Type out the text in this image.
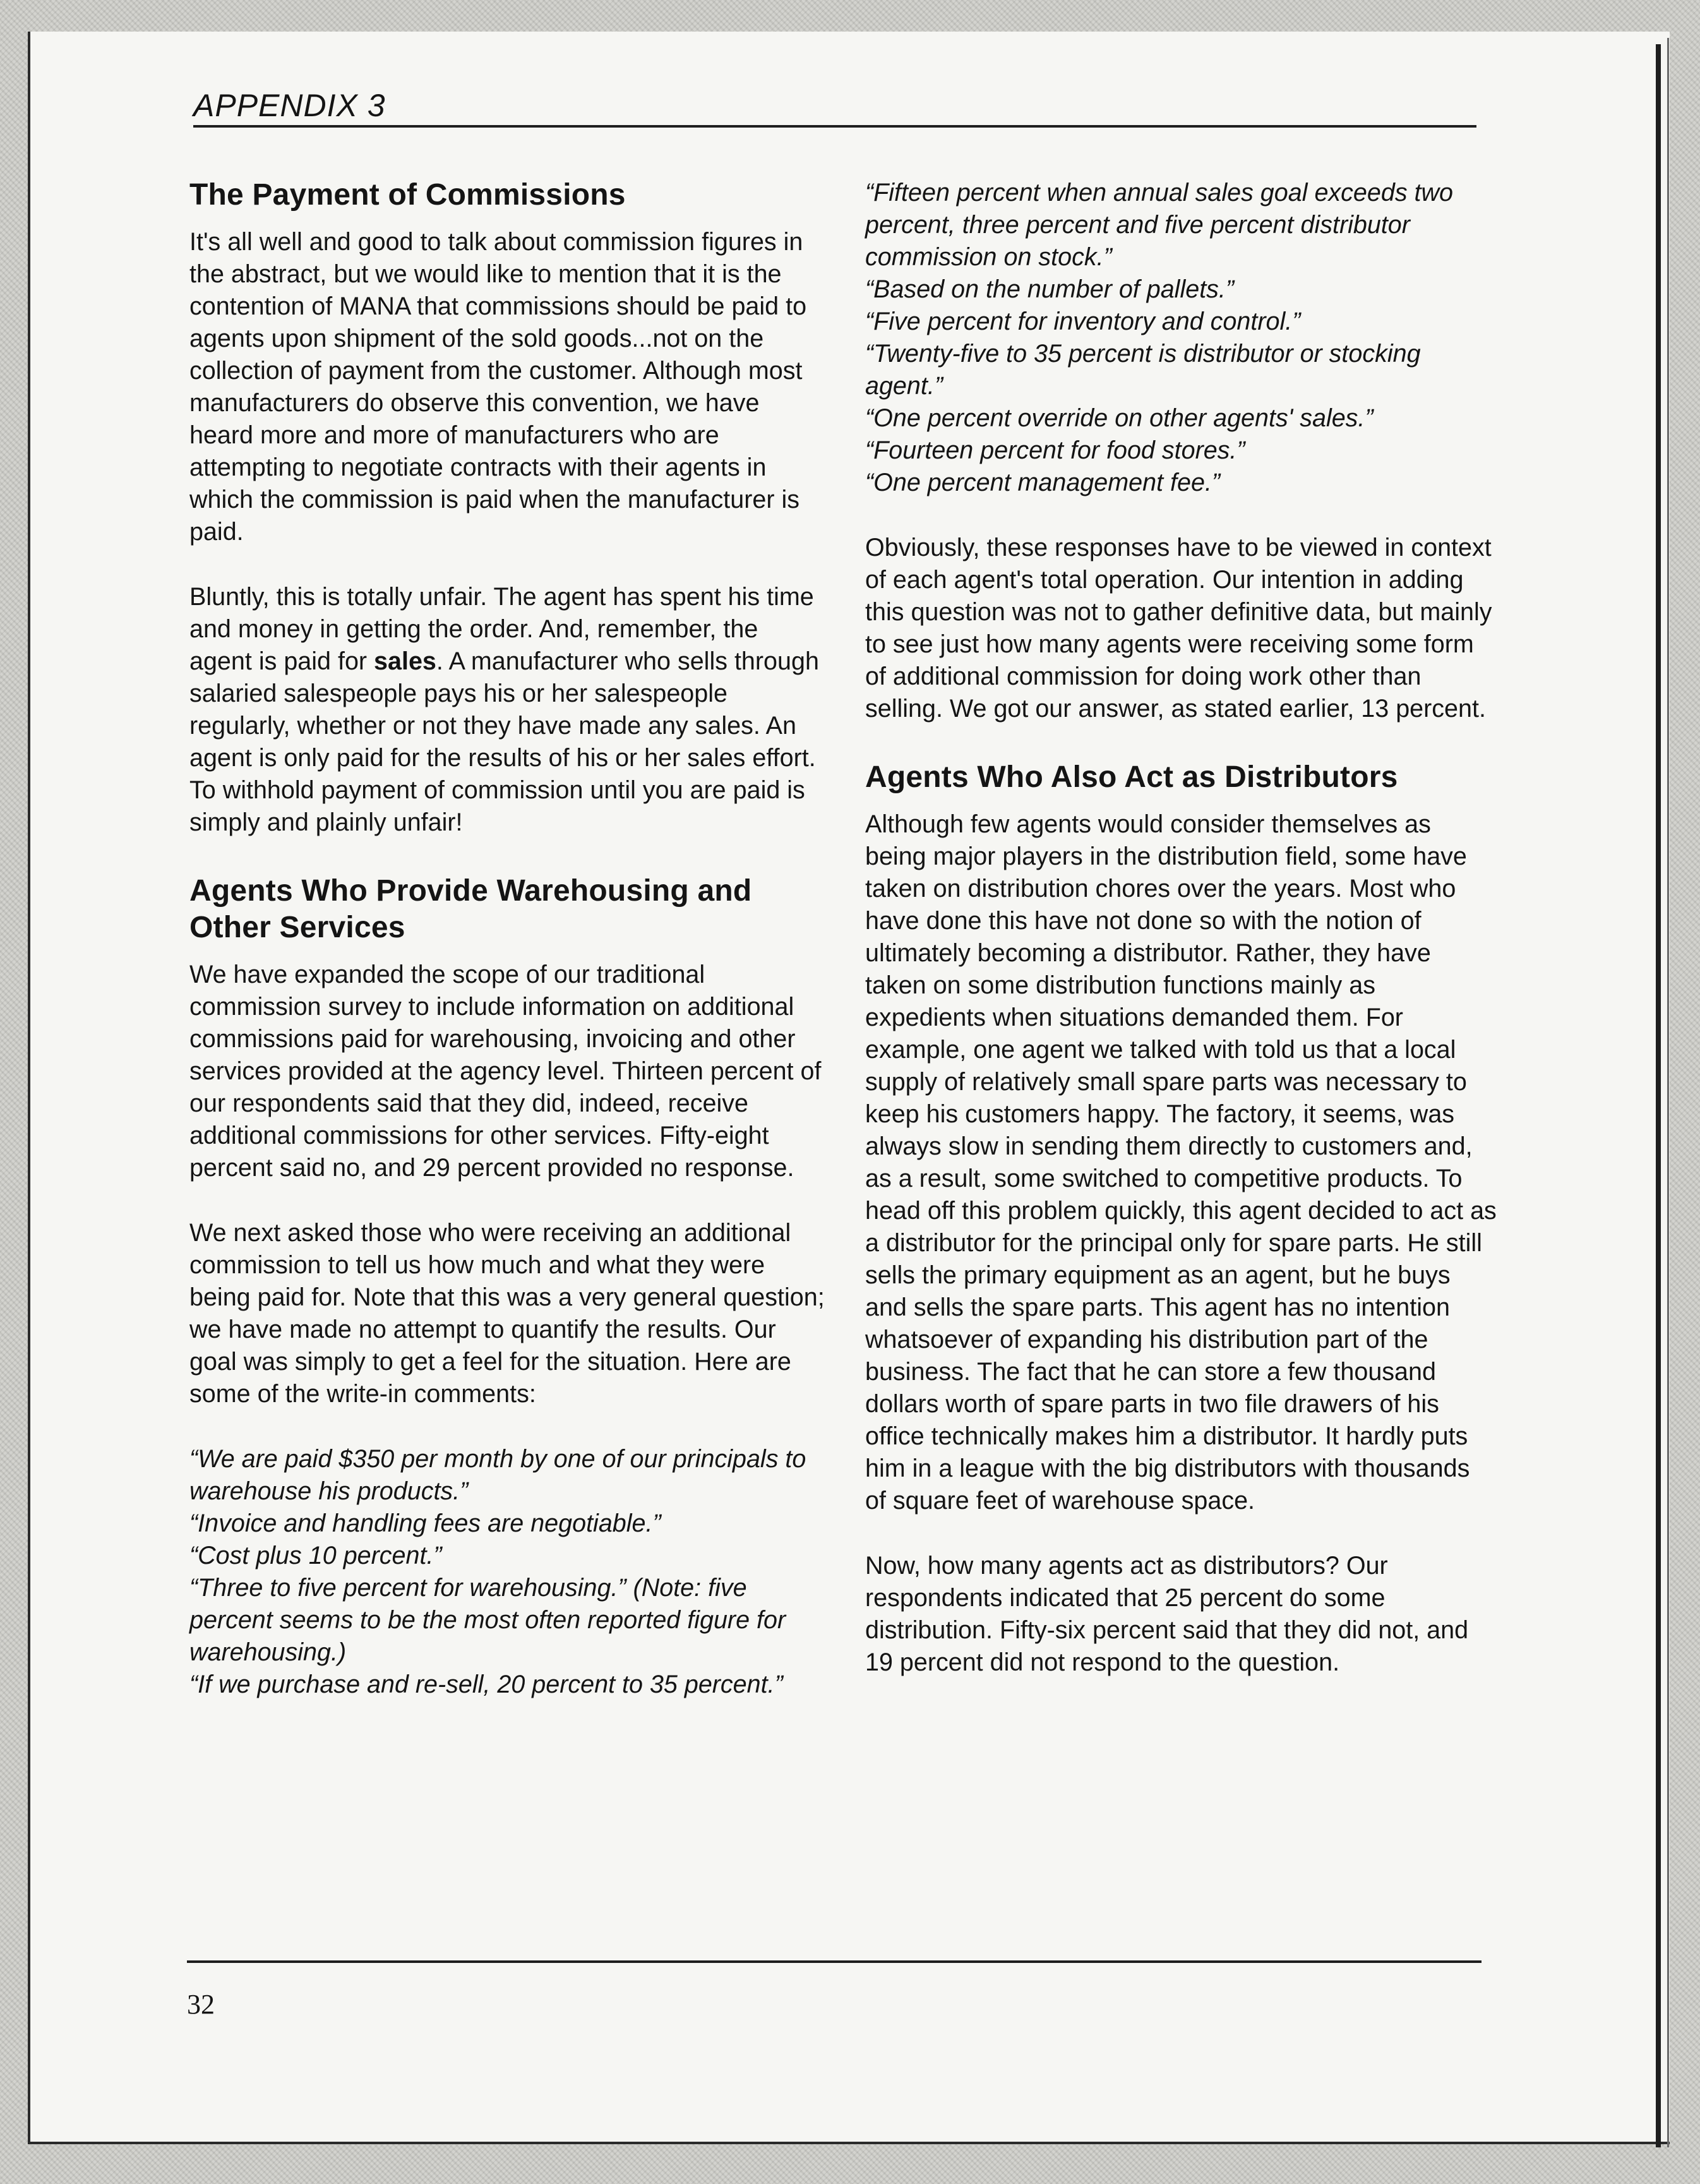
APPENDIX 3
The Payment of Commissions

It's all well and good to talk about commission figures in the abstract, but we would like to mention that it is the contention of MANA that commissions should be paid to agents upon shipment of the sold goods...not on the collection of payment from the customer. Although most manufacturers do observe this convention, we have heard more and more of manufacturers who are attempting to negotiate contracts with their agents in which the commission is paid when the manufacturer is paid.

Bluntly, this is totally unfair. The agent has spent his time and money in getting the order. And, remember, the agent is paid for sales. A manufacturer who sells through salaried salespeople pays his or her salespeople regularly, whether or not they have made any sales. An agent is only paid for the results of his or her sales effort. To withhold payment of commission until you are paid is simply and plainly unfair!

Agents Who Provide Warehousing and Other Services

We have expanded the scope of our traditional commission survey to include information on additional commissions paid for warehousing, invoicing and other services provided at the agency level. Thirteen percent of our respondents said that they did, indeed, receive additional commissions for other services. Fifty-eight percent said no, and 29 percent provided no response.

We next asked those who were receiving an additional commission to tell us how much and what they were being paid for. Note that this was a very general question; we have made no attempt to quantify the results. Our goal was simply to get a feel for the situation. Here are some of the write-in comments:

“We are paid $350 per month by one of our principals to warehouse his products.”

“Invoice and handling fees are negotiable.”

“Cost plus 10 percent.”

“Three to five percent for warehousing.” (Note: five percent seems to be the most often reported figure for warehousing.)

“If we purchase and re-sell, 20 percent to 35 percent.”

“Fifteen percent when annual sales goal exceeds two percent, three percent and five percent distributor commission on stock.”

“Based on the number of pallets.”

“Five percent for inventory and control.”

“Twenty-five to 35 percent is distributor or stocking agent.”

“One percent override on other agents' sales.”

“Fourteen percent for food stores.”

“One percent management fee.”

Obviously, these responses have to be viewed in context of each agent's total operation. Our intention in adding this question was not to gather definitive data, but mainly to see just how many agents were receiving some form of additional commission for doing work other than selling. We got our answer, as stated earlier, 13 percent.

Agents Who Also Act as Distributors

Although few agents would consider themselves as being major players in the distribution field, some have taken on distribution chores over the years. Most who have done this have not done so with the notion of ultimately becoming a distributor. Rather, they have taken on some distribution functions mainly as expedients when situations demanded them. For example, one agent we talked with told us that a local supply of relatively small spare parts was necessary to keep his customers happy. The factory, it seems, was always slow in sending them directly to customers and, as a result, some switched to competitive products. To head off this problem quickly, this agent decided to act as a distributor for the principal only for spare parts. He still sells the primary equipment as an agent, but he buys and sells the spare parts. This agent has no intention whatsoever of expanding his distribution part of the business. The fact that he can store a few thousand dollars worth of spare parts in two file drawers of his office technically makes him a distributor. It hardly puts him in a league with the big distributors with thousands of square feet of warehouse space.

Now, how many agents act as distributors? Our respondents indicated that 25 percent do some distribution. Fifty-six percent said that they did not, and 19 percent did not respond to the question.

32
